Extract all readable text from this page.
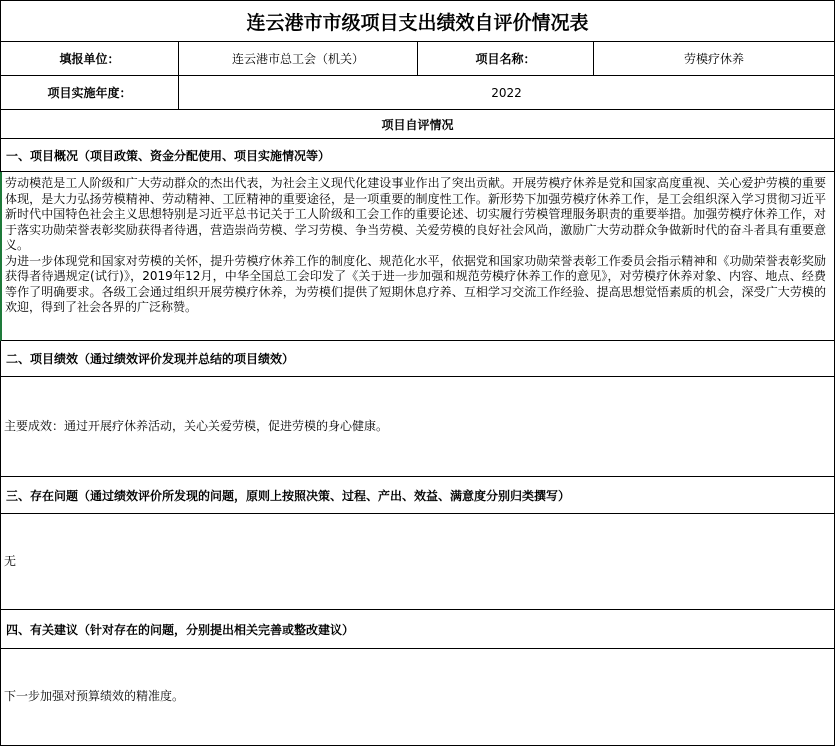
连云港市市级项目支出绩效自评价情况表
填报单位：	连云港市总工会（机关）	项目名称：	劳模疗休养
项目实施年度：	2022
项目自评情况
一、项目概况（项目政策、资金分配使用、项目实施情况等）

劳动模范是工人阶级和广大劳动群众的杰出代表，为社会主义现代化建设事业作出了突出贡献。开展劳模疗休养是党和国家高度重视、关心爱护劳模的重要体现，是大力弘扬劳模精神、劳动精神、工匠精神的重要途径，是一项重要的制度性工作。新形势下加强劳模疗休养工作，是工会组织深入学习贯彻习近平新时代中国特色社会主义思想特别是习近平总书记关于工人阶级和工会工作的重要论述、切实履行劳模管理服务职责的重要举措。加强劳模疗休养工作，对于落实功勋荣誉表彰奖励获得者待遇，营造崇尚劳模、学习劳模、争当劳模、关爱劳模的良好社会风尚，激励广大劳动群众争做新时代的奋斗者具有重要意义。

为进一步体现党和国家对劳模的关怀，提升劳模疗休养工作的制度化、规范化水平，依据党和国家功勋荣誉表彰工作委员会指示精神和《功勋荣誉表彰奖励获得者待遇规定(试行)》，2019年12月，中华全国总工会印发了《关于进一步加强和规范劳模疗休养工作的意见》，对劳模疗休养对象、内容、地点、经费等作了明确要求。各级工会通过组织开展劳模疗休养，为劳模们提供了短期休息疗养、互相学习交流工作经验、提高思想觉悟素质的机会，深受广大劳模的欢迎，得到了社会各界的广泛称赞。

二、项目绩效（通过绩效评价发现并总结的项目绩效）
主要成效：通过开展疗休养活动，关心关爱劳模，促进劳模的身心健康。
三、存在问题（通过绩效评价所发现的问题，原则上按照决策、过程、产出、效益、满意度分别归类撰写）
无
四、有关建议（针对存在的问题，分别提出相关完善或整改建议）
下一步加强对预算绩效的精准度。
